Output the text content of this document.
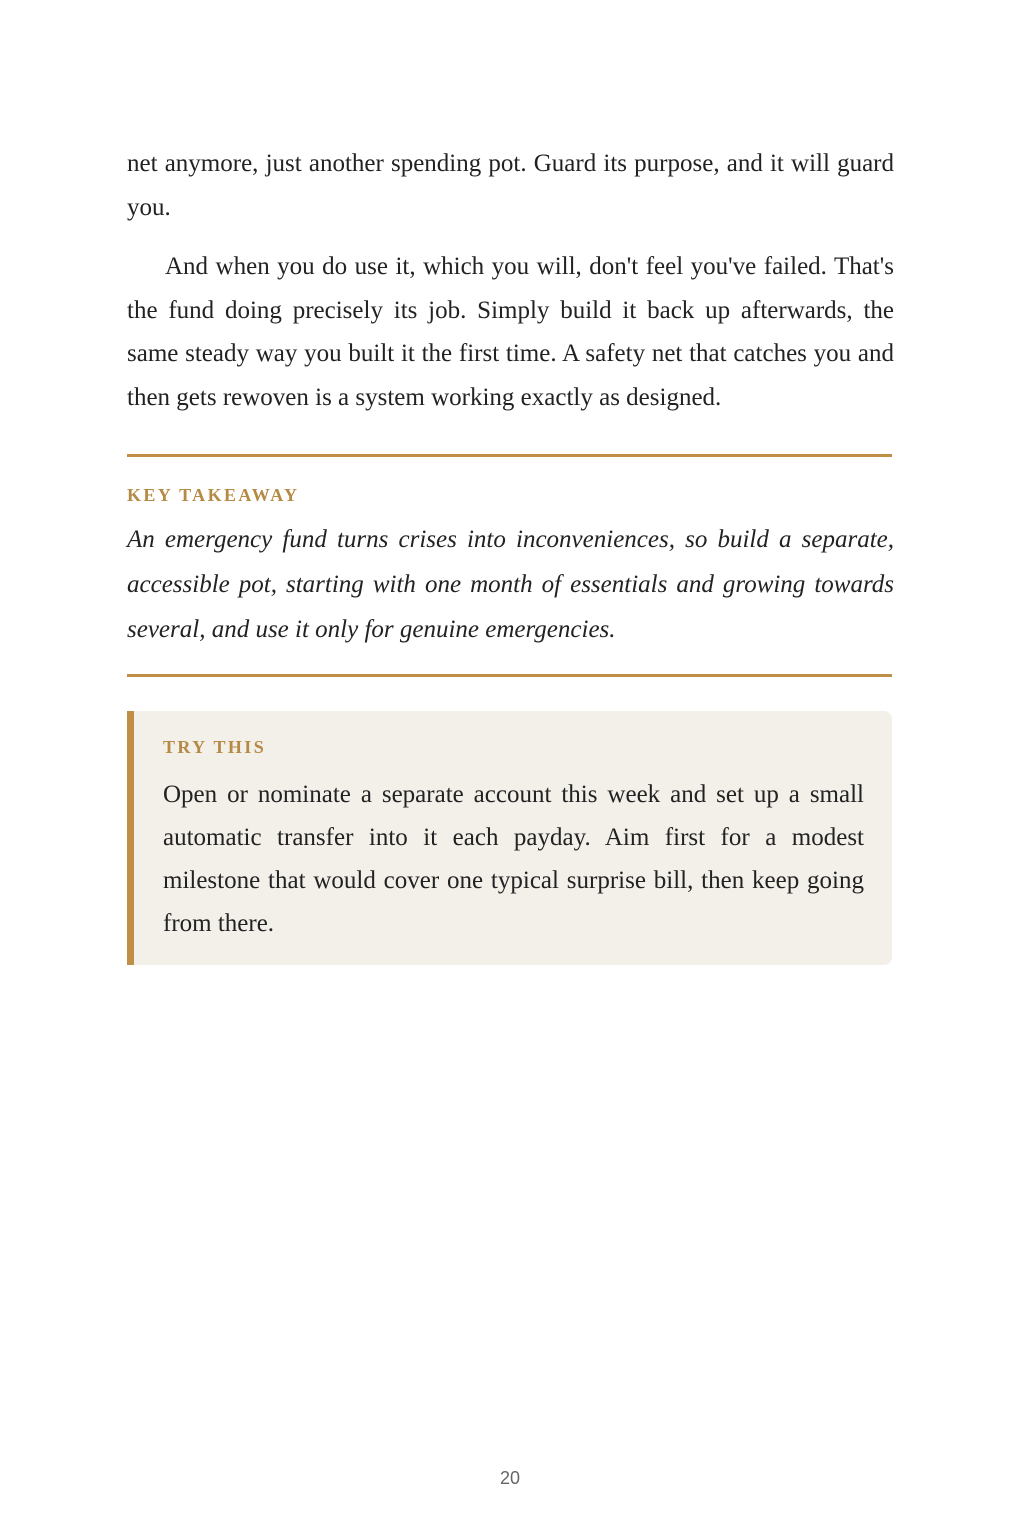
net anymore, just another spending pot. Guard its purpose, and it will guard you.

And when you do use it, which you will, don't feel you've failed. That's the fund doing precisely its job. Simply build it back up afterwards, the same steady way you built it the first time. A safety net that catches you and then gets rewoven is a system working exactly as designed.

KEY TAKEAWAY

An emergency fund turns crises into inconveniences, so build a separate, accessible pot, starting with one month of essentials and growing towards several, and use it only for genuine emergencies.

TRY THIS

Open or nominate a separate account this week and set up a small automatic transfer into it each payday. Aim first for a modest milestone that would cover one typical surprise bill, then keep going from there.

20
